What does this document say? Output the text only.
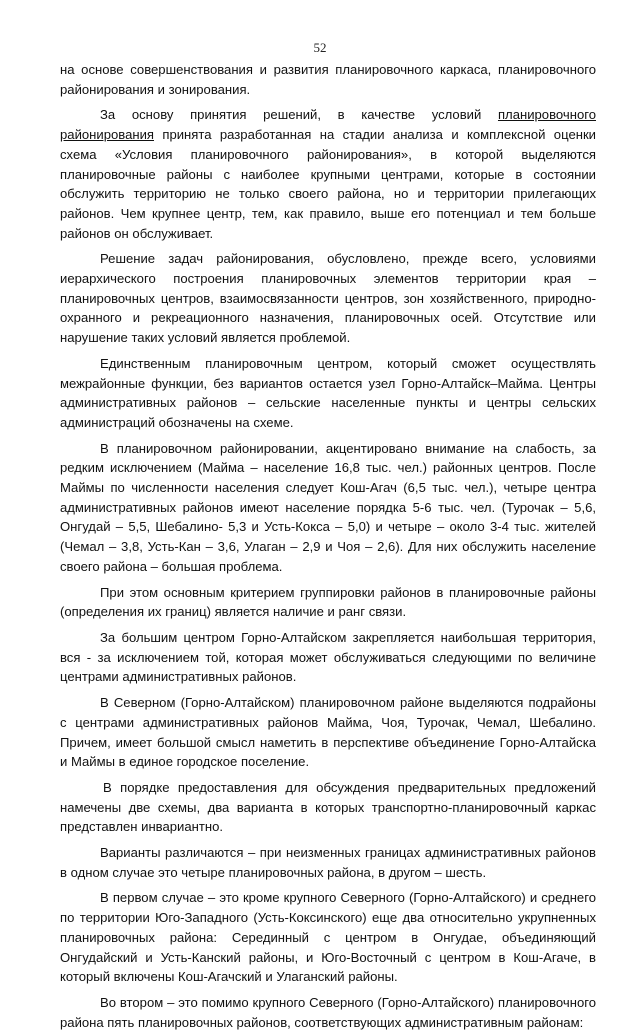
52

на основе совершенствования и развития планировочного каркаса, планировочного районирования и зонирования.

За основу принятия решений, в качестве условий планировочного районирования принята разработанная на стадии анализа и комплексной оценки схема «Условия планировочного районирования», в которой выделяются планировочные районы с наиболее крупными центрами, которые в состоянии обслужить территорию не только своего района, но и территории прилегающих районов. Чем крупнее центр, тем, как правило, выше его потенциал и тем больше районов он обслуживает.

Решение задач районирования, обусловлено, прежде всего, условиями иерархического построения планировочных элементов территории края – планировочных центров, взаимосвязанности центров, зон хозяйственного, природно-охранного и рекреационного назначения, планировочных осей. Отсутствие или нарушение таких условий является проблемой.

Единственным планировочным центром, который сможет осуществлять межрайонные функции, без вариантов остается узел Горно-Алтайск–Майма. Центры административных районов – сельские населенные пункты и центры сельских администраций обозначены на схеме.

В планировочном районировании, акцентировано внимание на слабость, за редким исключением (Майма – население 16,8 тыс. чел.) районных центров. После Маймы по численности населения следует Кош-Агач (6,5 тыс. чел.), четыре центра административных районов имеют население порядка 5-6 тыс. чел. (Турочак – 5,6, Онгудай – 5,5, Шебалино- 5,3 и Усть-Кокса – 5,0) и четыре – около 3-4 тыс. жителей (Чемал – 3,8, Усть-Кан – 3,6, Улаган – 2,9 и Чоя – 2,6). Для них обслужить население своего района – большая проблема.

При этом основным критерием группировки районов в планировочные районы (определения их границ) является наличие и ранг связи.

За большим центром Горно-Алтайском закрепляется наибольшая территория, вся - за исключением той, которая может обслуживаться следующими по величине центрами административных районов.

В Северном (Горно-Алтайском) планировочном районе выделяются подрайоны с центрами административных районов Майма, Чоя, Турочак, Чемал, Шебалино. Причем, имеет большой смысл наметить в перспективе объединение Горно-Алтайска и Маймы в единое городское поселение.

В порядке предоставления для обсуждения предварительных предложений намечены две схемы, два варианта в которых транспортно-планировочный каркас представлен инвариантно.

Варианты различаются – при неизменных границах административных районов в одном случае это четыре планировочных района, в другом – шесть.

В первом случае – это кроме крупного Северного (Горно-Алтайского) и среднего по территории Юго-Западного (Усть-Коксинского) еще два относительно укрупненных планировочных района: Серединный с центром в Онгудае, объединяющий Онгудайский и Усть-Канский районы, и Юго-Восточный с центром в Кош-Агаче, в который включены Кош-Агачский и Улаганский районы.

Во втором – это помимо крупного Северного (Горно-Алтайского) планировочного района пять планировочных районов, соответствующих административным районам:
